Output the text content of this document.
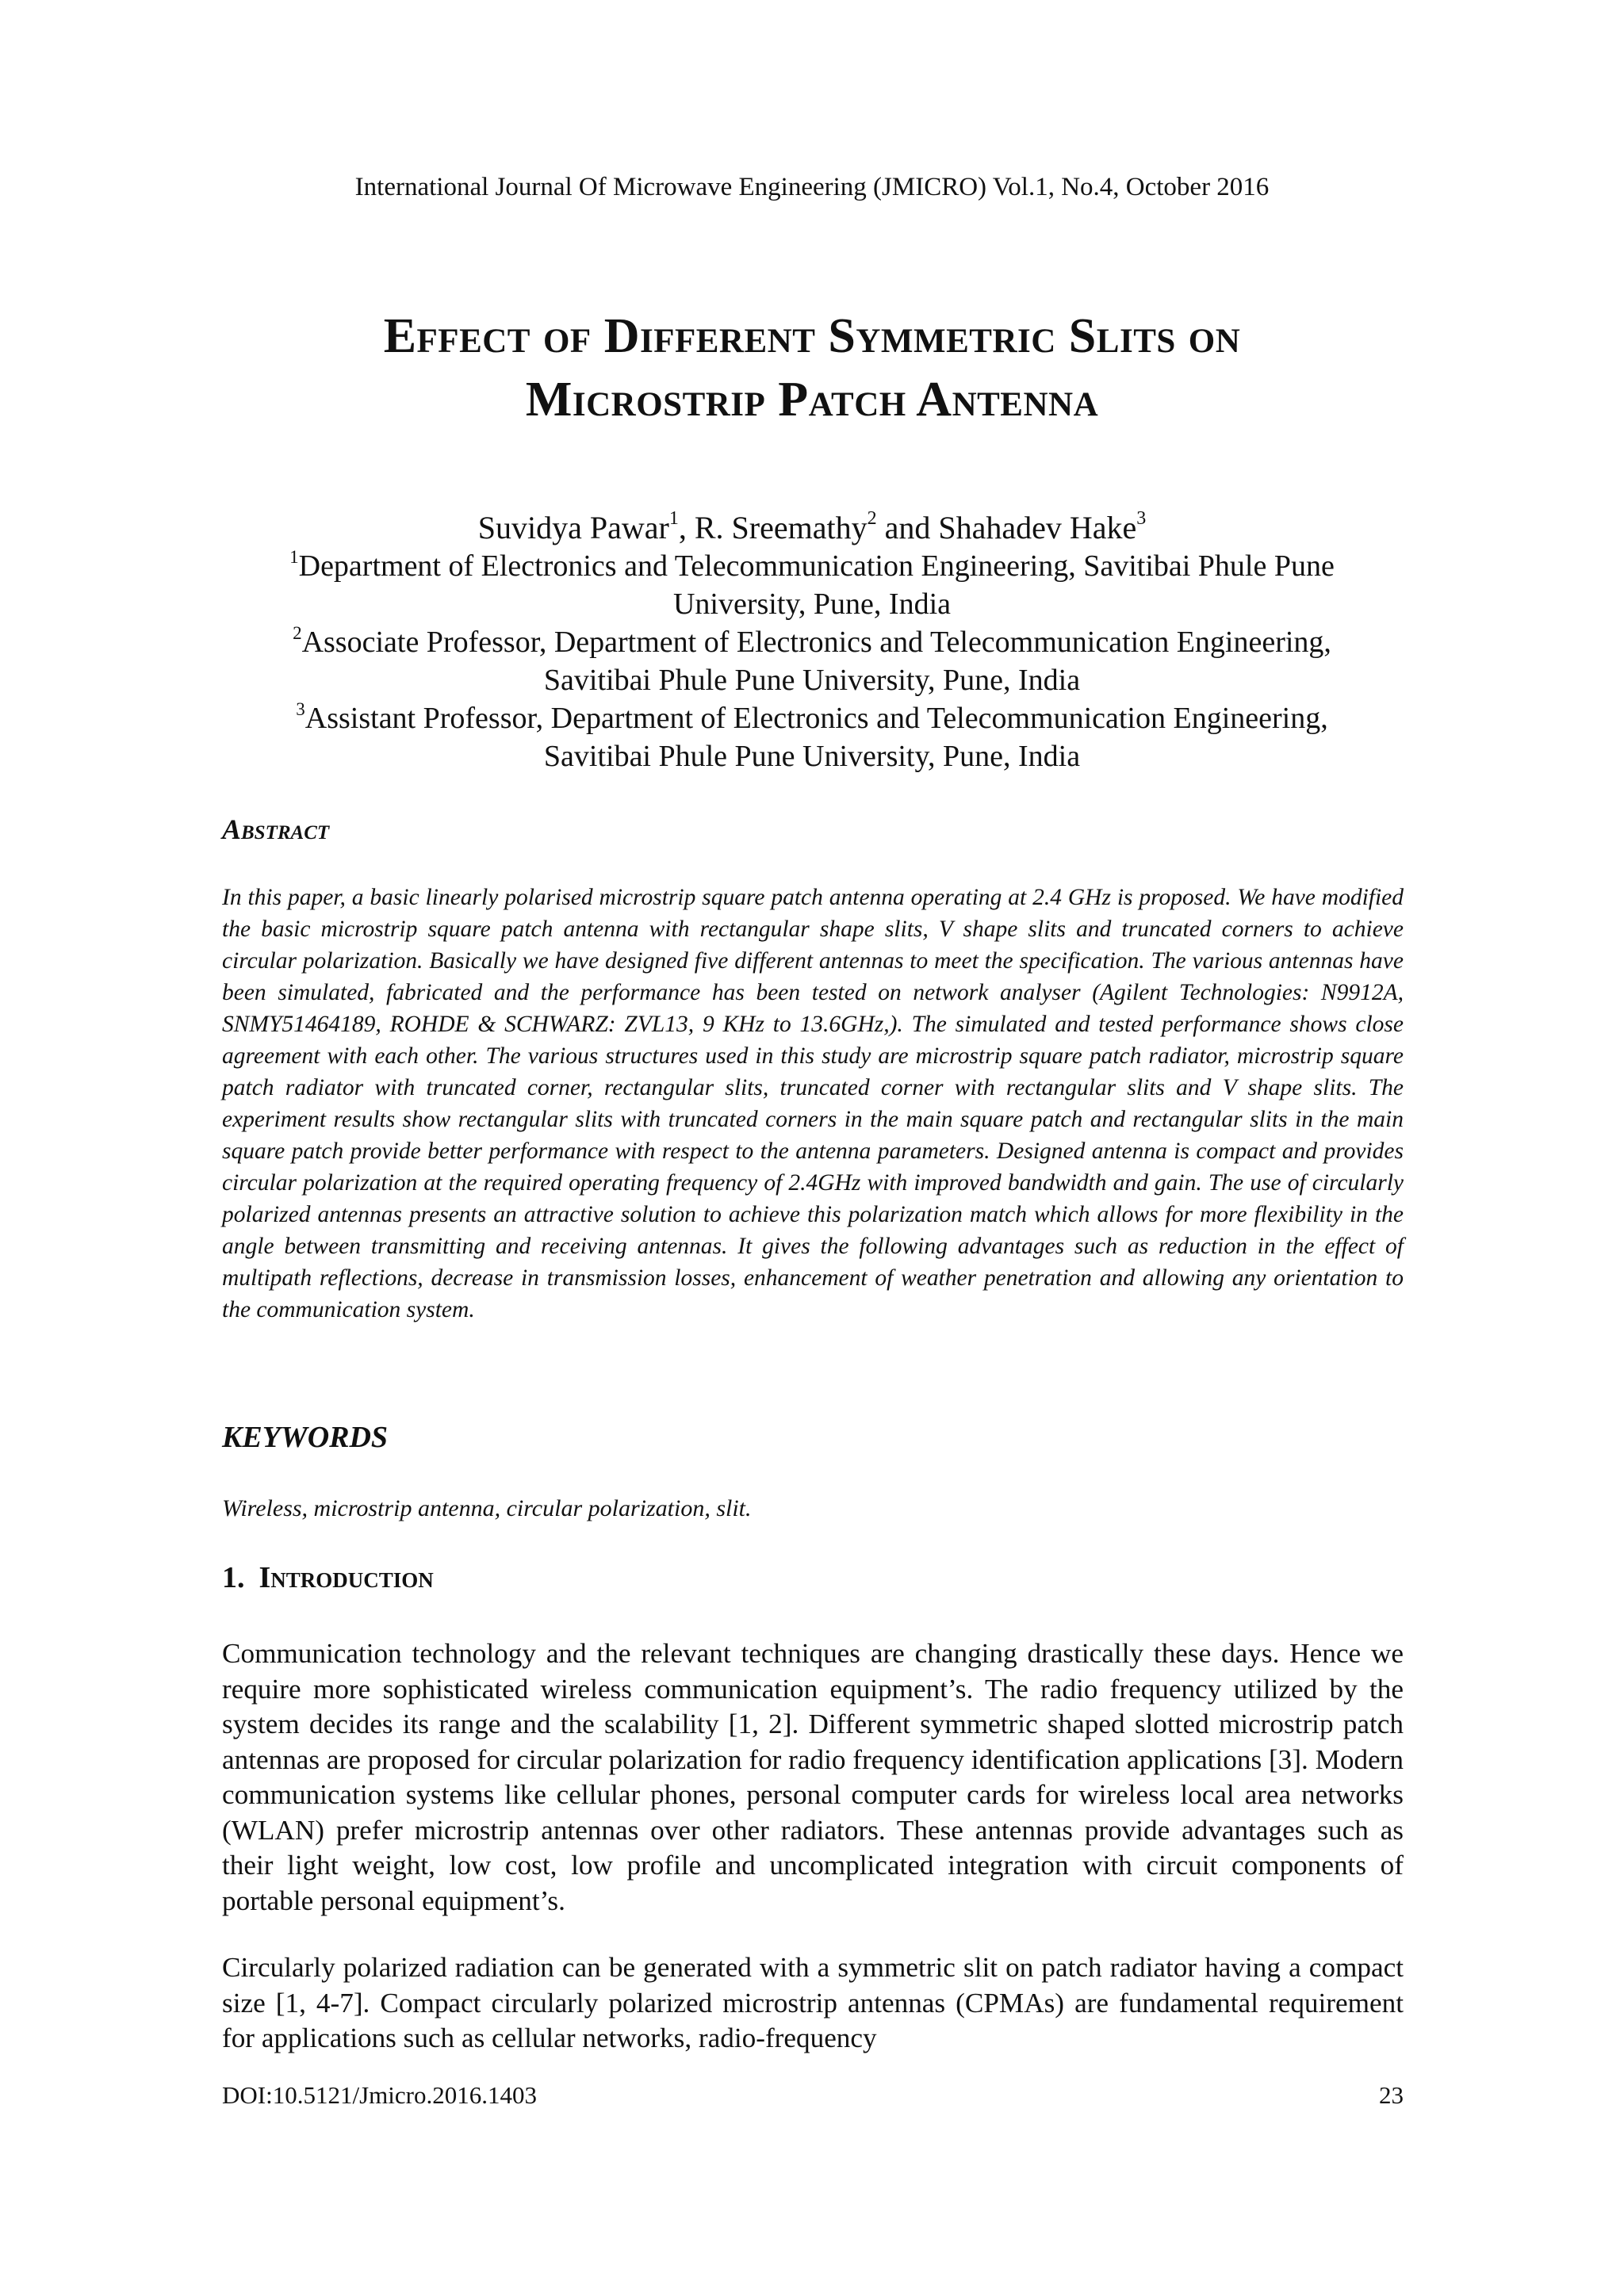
International Journal Of Microwave Engineering (JMICRO) Vol.1, No.4, October 2016
Effect of Different Symmetric Slits on
Microstrip Patch Antenna
Suvidya Pawar$^1$, R. Sreemathy$^2$ and Shahadev Hake$^3$
$^1$Department of Electronics and Telecommunication Engineering, Savitibai Phule Pune
University, Pune, India
$^2$Associate Professor, Department of Electronics and Telecommunication Engineering,
Savitibai Phule Pune University, Pune, India
$^3$Assistant Professor, Department of Electronics and Telecommunication Engineering,
Savitibai Phule Pune University, Pune, India
Abstract
In this paper, a basic linearly polarised microstrip square patch antenna operating at 2.4 GHz is proposed. We have modified the basic microstrip square patch antenna with rectangular shape slits, V shape slits and truncated corners to achieve circular polarization. Basically we have designed five different antennas to meet the specification. The various antennas have been simulated, fabricated and the performance has been tested on network analyser (Agilent Technologies: N9912A, SNMY51464189, ROHDE & SCHWARZ: ZVL13, 9 KHz to 13.6GHz,). The simulated and tested performance shows close agreement with each other. The various structures used in this study are microstrip square patch radiator, microstrip square patch radiator with truncated corner, rectangular slits, truncated corner with rectangular slits and V shape slits. The experiment results show rectangular slits with truncated corners in the main square patch and rectangular slits in the main square patch provide better performance with respect to the antenna parameters. Designed antenna is compact and provides circular polarization at the required operating frequency of 2.4GHz with improved bandwidth and gain. The use of circularly polarized antennas presents an attractive solution to achieve this polarization match which allows for more flexibility in the angle between transmitting and receiving antennas. It gives the following advantages such as reduction in the effect of multipath reflections, decrease in transmission losses, enhancement of weather penetration and allowing any orientation to the communication system.
KEYWORDS
Wireless, microstrip antenna, circular polarization, slit.
1. Introduction
Communication technology and the relevant techniques are changing drastically these days. Hence we require more sophisticated wireless communication equipment’s. The radio frequency utilized by the system decides its range and the scalability [1, 2]. Different symmetric shaped slotted microstrip patch antennas are proposed for circular polarization for radio frequency identification applications [3]. Modern communication systems like cellular phones, personal computer cards for wireless local area networks (WLAN) prefer microstrip antennas over other radiators. These antennas provide advantages such as their light weight, low cost, low profile and uncomplicated integration with circuit components of portable personal equipment’s.
Circularly polarized radiation can be generated with a symmetric slit on patch radiator having a compact size [1, 4-7]. Compact circularly polarized microstrip antennas (CPMAs) are fundamental requirement for applications such as cellular networks, radio-frequency
DOI:10.5121/Jmicro.2016.1403	23
